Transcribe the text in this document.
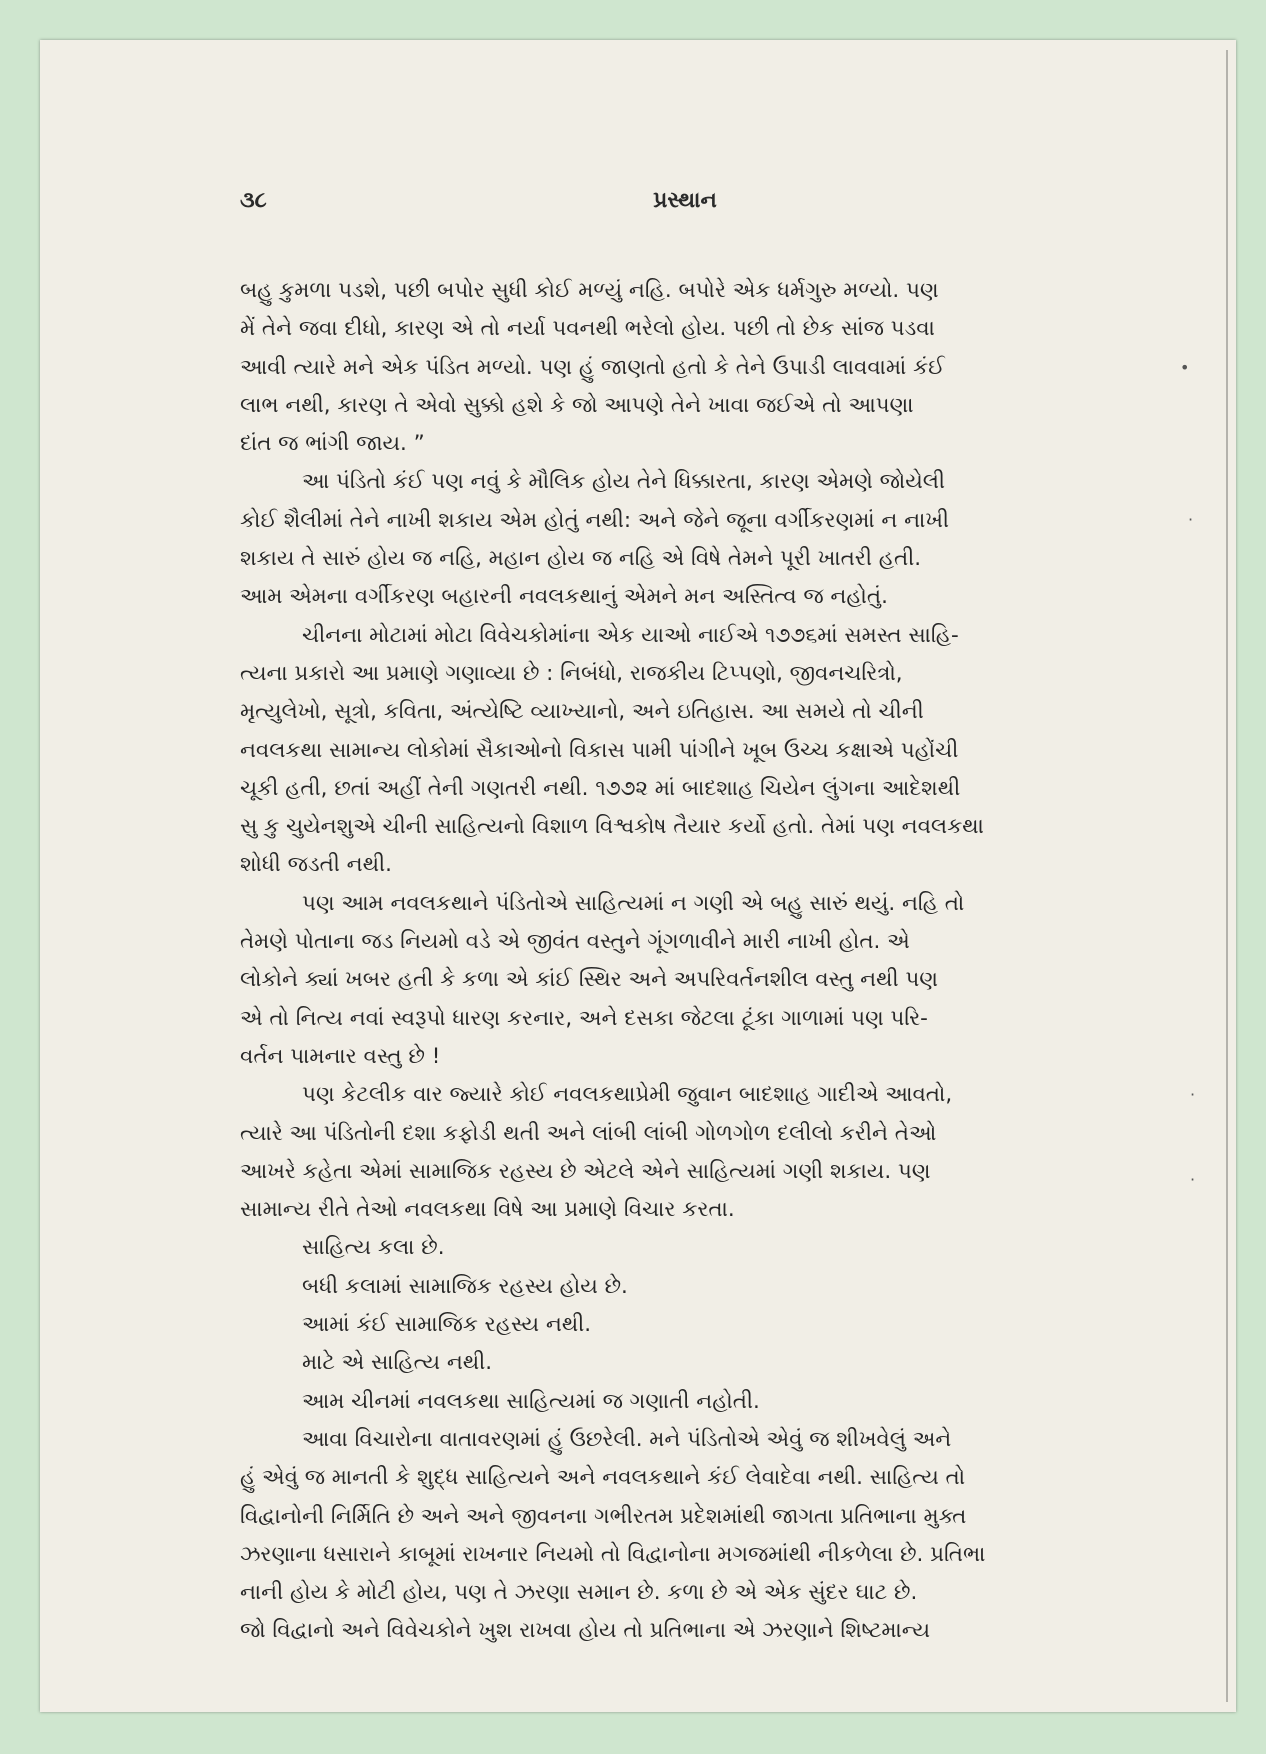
૩૮	પ્રસ્થાન
બહુ કુમળા પડશે, પછી બપોર સુધી કોઈ મળ્યું નહિ. બપોરે એક ધર્મગુરુ મળ્યો. પણ
મેં તેને જવા દીધો, કારણ એ તો નર્યા પવનથી ભરેલો હોય. પછી તો છેક સાંજ પડવા
આવી ત્યારે મને એક પંડિત મળ્યો. પણ હું જાણતો હતો કે તેને ઉપાડી લાવવામાં કંઈ
લાભ નથી, કારણ તે એવો સુક્કો હશે કે જો આપણે તેને ખાવા જઈએ તો આપણા
દાંત જ ભાંગી જાય. ”
આ પંડિતો કંઈ પણ નવું કે મૌલિક હોય તેને ધિક્કારતા, કારણ એમણે જોયેલી
કોઈ શૈલીમાં તેને નાખી શકાય એમ હોતું નથી: અને જેને જૂના વર્ગીકરણમાં ન નાખી
શકાય તે સારું હોય જ નહિ, મહાન હોય જ નહિ એ વિષે તેમને પૂરી ખાતરી હતી.
આમ એમના વર્ગીકરણ બહારની નવલકથાનું એમને મન અસ્તિત્વ જ નહોતું.
ચીનના મોટામાં મોટા વિવેચકોમાંના એક યાઓ નાઈએ ૧૭૭૬માં સમસ્ત સાહિ-
ત્યના પ્રકારો આ પ્રમાણે ગણાવ્યા છે : નિબંધો, રાજકીય ટિપ્પણો, જીવનચરિત્રો,
મૃત્યુલેખો, સૂત્રો, કવિતા, અંત્યેષ્ટિ વ્યાખ્યાનો, અને ઇતિહાસ. આ સમયે તો ચીની
નવલકથા સામાન્ય લોકોમાં સૈકાઓનો વિકાસ પામી પાંગીને ખૂબ ઉચ્ચ કક્ષાએ પહોંચી
ચૂકી હતી, છતાં અહીં તેની ગણતરી નથી. ૧૭૭૨ માં બાદશાહ ચિયેન લુંગના આદેશથી
સુ કુ ચુયેનશુએ ચીની સાહિત્યનો વિશાળ વિશ્વકોષ તૈયાર કર્યો હતો. તેમાં પણ નવલકથા
શોધી જડતી નથી.
પણ આમ નવલકથાને પંડિતોએ સાહિત્યમાં ન ગણી એ બહુ સારું થયું. નહિ તો
તેમણે પોતાના જડ નિયમો વડે એ જીવંત વસ્તુને ગૂંગળાવીને મારી નાખી હોત. એ
લોકોને ક્યાં ખબર હતી કે કળા એ કાંઈ સ્થિર અને અપરિવર્તનશીલ વસ્તુ નથી પણ
એ તો નિત્ય નવાં સ્વરૂપો ધારણ કરનાર, અને દસકા જેટલા ટૂંકા ગાળામાં પણ પરિ-
વર્તન પામનાર વસ્તુ છે !
પણ કેટલીક વાર જ્યારે કોઈ નવલકથાપ્રેમી જુવાન બાદશાહ ગાદીએ આવતો,
ત્યારે આ પંડિતોની દશા કફોડી થતી અને લાંબી લાંબી ગોળગોળ દલીલો કરીને તેઓ
આખરે કહેતા એમાં સામાજિક રહસ્ય છે એટલે એને સાહિત્યમાં ગણી શકાય. પણ
સામાન્ય રીતે તેઓ નવલકથા વિષે આ પ્રમાણે વિચાર કરતા.
સાહિત્ય કલા છે.
બધી કલામાં સામાજિક રહસ્ય હોય છે.
આમાં કંઈ સામાજિક રહસ્ય નથી.
માટે એ સાહિત્ય નથી.
આમ ચીનમાં નવલકથા સાહિત્યમાં જ ગણાતી નહોતી.
આવા વિચારોના વાતાવરણમાં હું ઉછરેલી. મને પંડિતોએ એવું જ શીખવેલું અને
હું એવું જ માનતી કે શુદ્ધ સાહિત્યને અને નવલકથાને કંઈ લેવાદેવા નથી. સાહિત્ય તો
વિદ્વાનોની નિર્મિતિ છે અને અને જીવનના ગભીરતમ પ્રદેશમાંથી જાગતા પ્રતિભાના મુક્ત
ઝરણાના ધસારાને કાબૂમાં રાખનાર નિયમો તો વિદ્વાનોના મગજમાંથી નીકળેલા છે. પ્રતિભા
નાની હોય કે મોટી હોય, પણ તે ઝરણા સમાન છે. કળા છે એ એક સુંદર ઘાટ છે.
જો વિદ્વાનો અને વિવેચકોને ખુશ રાખવા હોય તો પ્રતિભાના એ ઝરણાને શિષ્ટમાન્ય
•
·
·
·
